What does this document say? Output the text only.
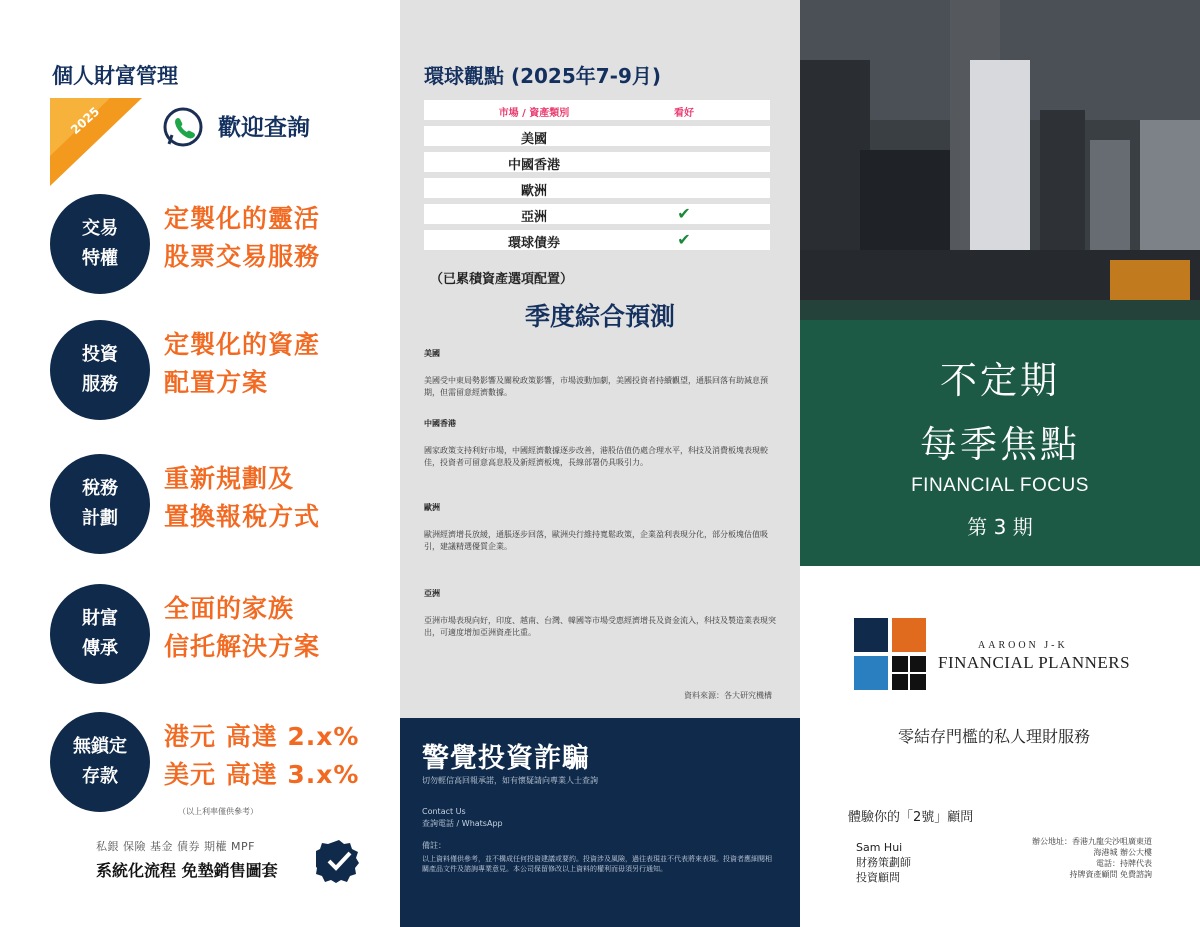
個人財富管理
2025	歡迎查詢
交易
特權
定製化的靈活
股票交易服務
投資
服務
定製化的資產
配置方案
稅務
計劃
重新規劃及
置換報稅方式
財富
傳承
全面的家族
信托解決方案
無鎖定
存款
港元 高達 2.x%
美元 高達 3.x%
（以上利率僅供參考）
私銀 保險 基金 債券 期權 MPF
系統化流程 免墊銷售圖套
環球觀點 (2025年7-9月)
市場 / 資產類別	看好
美國
中國香港
歐洲
亞洲	✔
環球債券	✔
（已累積資產選項配置）
季度綜合預測
美國
美國受中東局勢影響及關稅政策影響，市場波動加劇，美國投資者持續觀望，通脹回落有助減息預期，但需留意經濟數據。
中國香港
國家政策支持利好市場，中國經濟數據逐步改善，港股估值仍處合理水平，科技及消費板塊表現較佳，投資者可留意高息股及新經濟板塊，長線部署仍具吸引力。
歐洲
歐洲經濟增長放緩，通脹逐步回落，歐洲央行維持寬鬆政策，企業盈利表現分化，部分板塊估值吸引，建議精選優質企業。
亞洲
亞洲市場表現向好，印度、越南、台灣、韓國等市場受惠經濟增長及資金流入，科技及製造業表現突出，可適度增加亞洲資產比重。
資料來源：各大研究機構
警覺投資詐騙
切勿輕信高回報承諾，如有懷疑請向專業人士查詢
Contact Us
查詢電話 / WhatsApp
備註：
以上資料僅供參考，並不構成任何投資建議或要約。投資涉及風險，過往表現並不代表將來表現。投資者應細閱相關產品文件及諮詢專業意見。本公司保留修改以上資料的權利而毋須另行通知。
不定期
每季焦點
FINANCIAL FOCUS
第 3 期
AAROON J-K
FINANCIAL PLANNERS
零結存門檻的私人理財服務
體驗你的「2號」顧問
Sam Hui
財務策劃師
投資顧問
辦公地址：香港九龍尖沙咀廣東道
海港城 辦公大樓
電話：持牌代表
持牌資產顧問 免費諮詢
